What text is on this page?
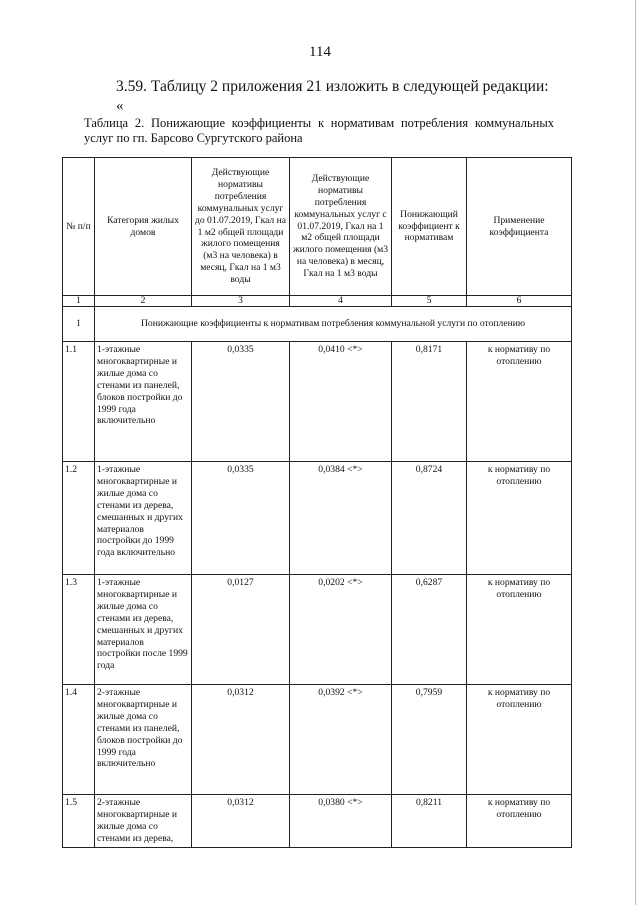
114
3.59. Таблицу 2 приложения 21 изложить в следующей редакции:
«
Таблица 2. Понижающие коэффициенты к нормативам потребления коммунальных услуг по гп. Барсово Сургутского района
№ п/п	Категория жилых домов	Действующие нормативы потребления коммунальных услуг до 01.07.2019, Гкал на 1 м2 общей площади жилого помещения (м3 на человека) в месяц, Гкал на 1 м3 воды	Действующие нормативы потребления коммунальных услуг с 01.07.2019, Гкал на 1 м2 общей площади жилого помещения (м3 на человека) в месяц, Гкал на 1 м3 воды	Понижающий коэффициент к нормативам	Применение коэффициента
1	2	3	4	5	6
1	Понижающие коэффициенты к нормативам потребления коммунальной услуги по отоплению				
1.1	1-этажные многоквартирные и жилые дома со стенами из панелей, блоков постройки до 1999 года включительно	0,0335	0,0410 <*>	0,8171	к нормативу по отоплению
1.2	1-этажные многоквартирные и жилые дома со стенами из дерева, смешанных и других материалов постройки до 1999 года включительно	0,0335	0,0384 <*>	0,8724	к нормативу по отоплению
1.3	1-этажные многоквартирные и жилые дома со стенами из дерева, смешанных и других материалов постройки после 1999 года	0,0127	0,0202 <*>	0,6287	к нормативу по отоплению
1.4	2-этажные многоквартирные и жилые дома со стенами из панелей, блоков постройки до 1999 года включительно	0,0312	0,0392 <*>	0,7959	к нормативу по отоплению
1.5	2-этажные многоквартирные и жилые дома со стенами из дерева,	0,0312	0,0380 <*>	0,8211	к нормативу по отоплению
